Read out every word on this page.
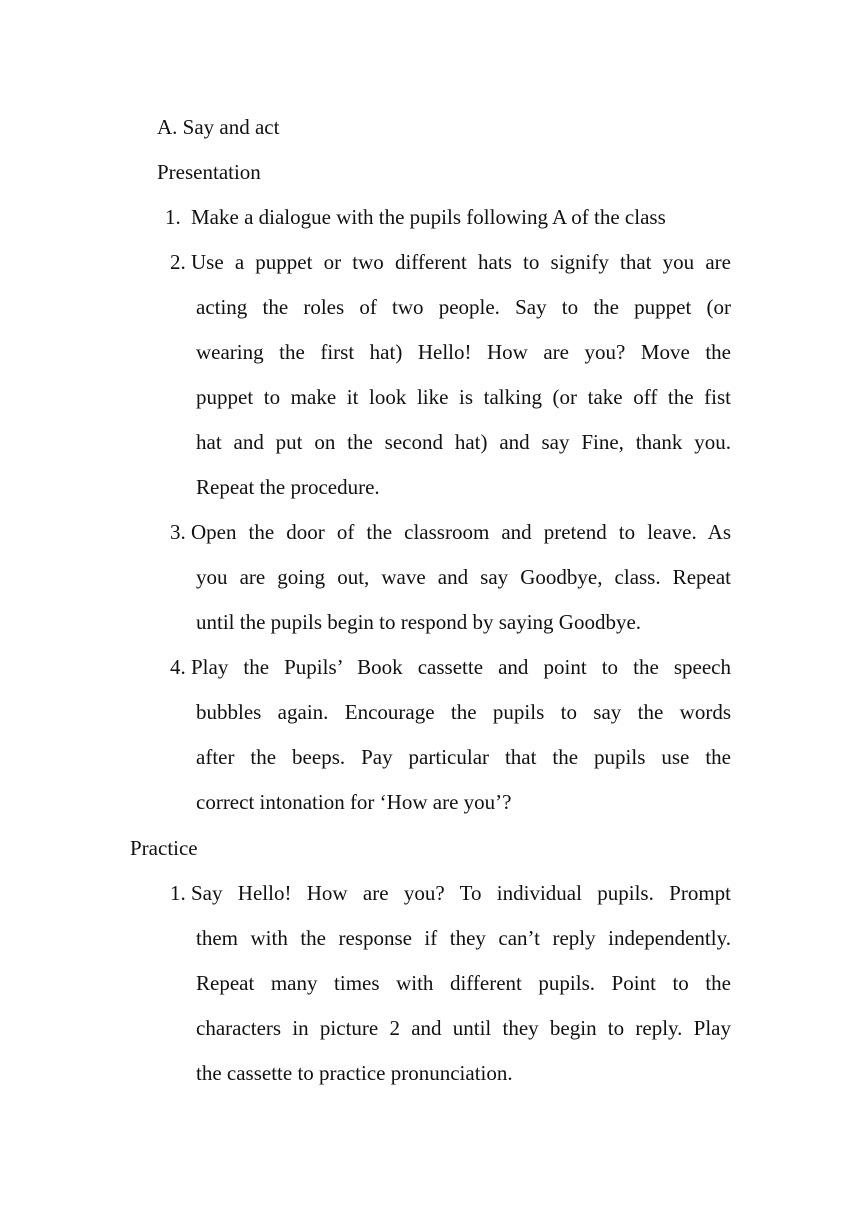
A. Say and act
Presentation
1. Make a dialogue with the pupils following A of the class
2. Use a puppet or two different hats to signify that you are
acting the roles of two people. Say to the puppet (or
wearing the first hat) Hello! How are you? Move the
puppet to make it look like is talking (or take off the fist
hat and put on the second hat) and say Fine, thank you.
Repeat the procedure.
3. Open the door of the classroom and pretend to leave. As
you are going out, wave and say Goodbye, class. Repeat
until the pupils begin to respond by saying Goodbye.
4. Play the Pupils’ Book cassette and point to the speech
bubbles again. Encourage the pupils to say the words
after the beeps. Pay particular that the pupils use the
correct intonation for ‘How are you’?
Practice
1. Say Hello! How are you? To individual pupils. Prompt
them with the response if they can’t reply independently.
Repeat many times with different pupils. Point to the
characters in picture 2 and until they begin to reply. Play
the cassette to practice pronunciation.
